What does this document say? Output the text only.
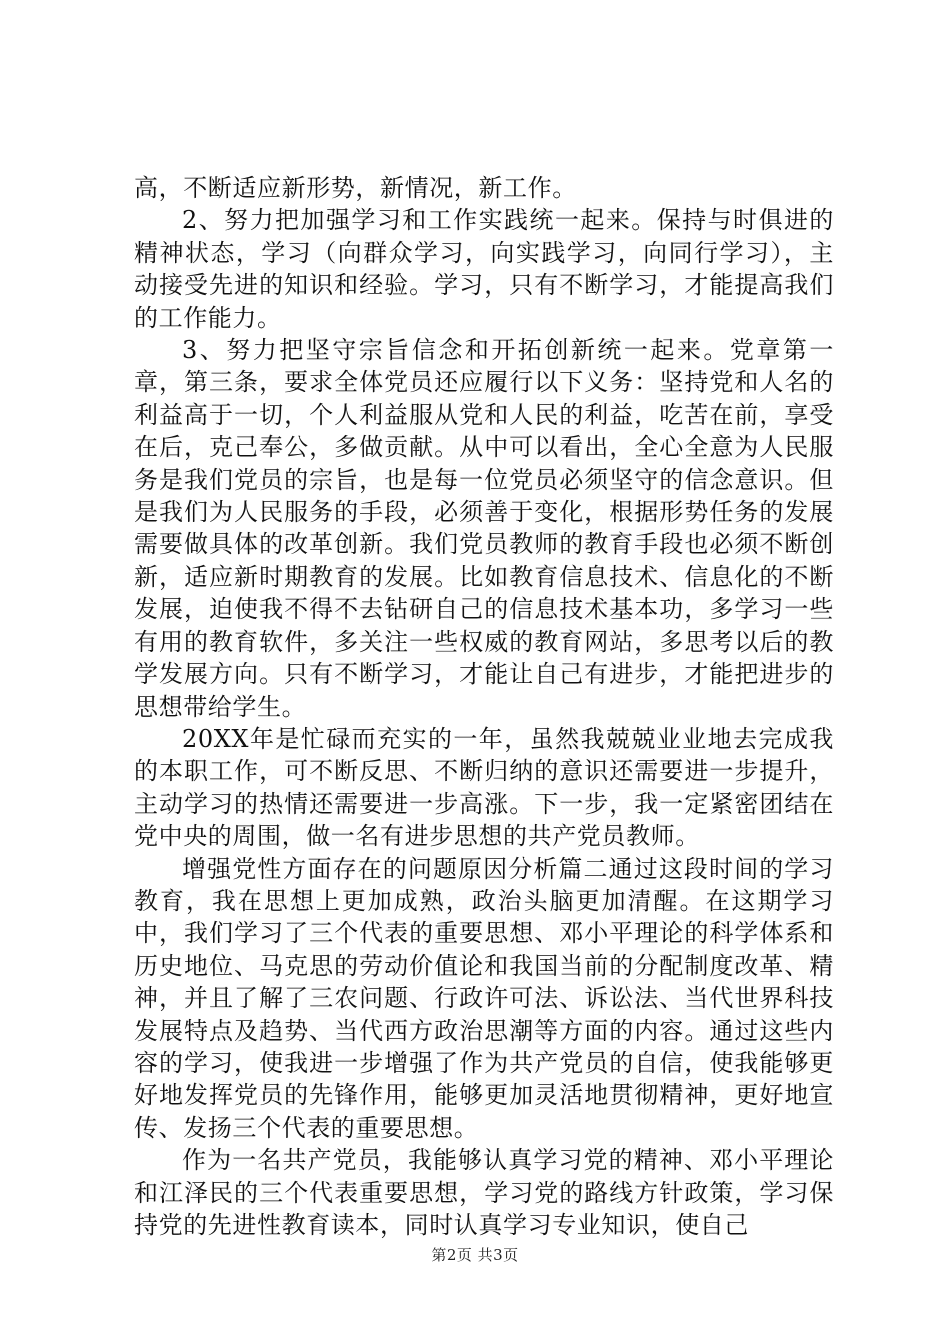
高，不断适应新形势，新情况，新工作。

2、努力把加强学习和工作实践统一起来。保持与时俱进的精神状态，学习（向群众学习，向实践学习，向同行学习），主动接受先进的知识和经验。学习，只有不断学习，才能提高我们的工作能力。

3、努力把坚守宗旨信念和开拓创新统一起来。党章第一章，第三条，要求全体党员还应履行以下义务：坚持党和人名的利益高于一切，个人利益服从党和人民的利益，吃苦在前，享受在后，克己奉公，多做贡献。从中可以看出，全心全意为人民服务是我们党员的宗旨，也是每一位党员必须坚守的信念意识。但是我们为人民服务的手段，必须善于变化，根据形势任务的发展需要做具体的改革创新。我们党员教师的教育手段也必须不断创新，适应新时期教育的发展。比如教育信息技术、信息化的不断发展，迫使我不得不去钻研自己的信息技术基本功，多学习一些有用的教育软件，多关注一些权威的教育网站，多思考以后的教学发展方向。只有不断学习，才能让自己有进步，才能把进步的思想带给学生。

20XX年是忙碌而充实的一年，虽然我兢兢业业地去完成我的本职工作，可不断反思、不断归纳的意识还需要进一步提升，主动学习的热情还需要进一步高涨。下一步，我一定紧密团结在党中央的周围，做一名有进步思想的共产党员教师。

增强党性方面存在的问题原因分析篇二通过这段时间的学习教育，我在思想上更加成熟，政治头脑更加清醒。在这期学习中，我们学习了三个代表的重要思想、邓小平理论的科学体系和历史地位、马克思的劳动价值论和我国当前的分配制度改革、精神，并且了解了三农问题、行政许可法、诉讼法、当代世界科技发展特点及趋势、当代西方政治思潮等方面的内容。通过这些内容的学习，使我进一步增强了作为共产党员的自信，使我能够更好地发挥党员的先锋作用，能够更加灵活地贯彻精神，更好地宣传、发扬三个代表的重要思想。

作为一名共产党员，我能够认真学习党的精神、邓小平理论和江泽民的三个代表重要思想，学习党的路线方针政策，学习保持党的先进性教育读本，同时认真学习专业知识，使自己

第2页 共3页
